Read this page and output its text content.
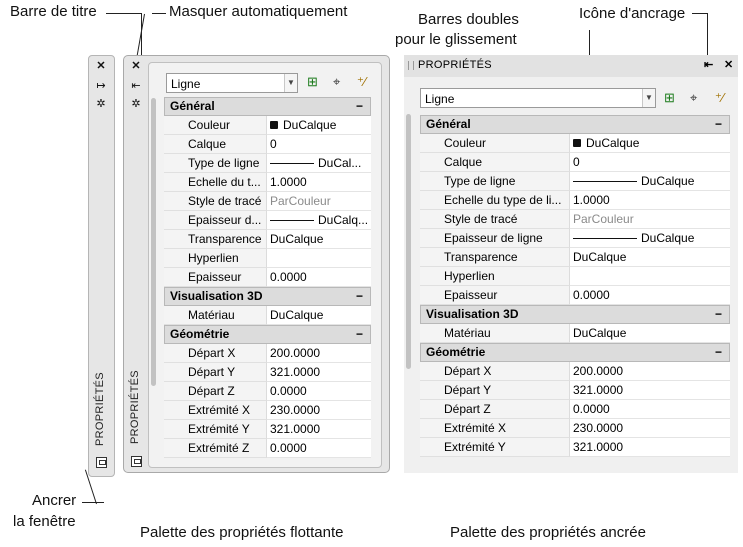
Barre de titre	Masquer automatiquement	Barres doubles
pour le glissement
Icône d'ancrage
Ancrer
la fenêtre
Palette des propriétés flottante	Palette des propriétés ancrée
✕
↦
✲
PROPRIÉTÉS
✕
⇤
✲
PROPRIÉTÉS
Ligne	▼ ⊞ ⌖ ⁺⁄
Général	−
Couleur	DuCalque
Calque	0
Type de ligne	DuCal...
Echelle du t... 1.0000
Style de tracé ParCouleur
Epaisseur d...	DuCalq...
Transparence DuCalque
Hyperlien
Epaisseur	0.0000
Visualisation 3D	−
Matériau	DuCalque
Géométrie	−
Départ X	200.0000
Départ Y	321.0000
Départ Z	0.0000
Extrémité X	230.0000
Extrémité Y	321.0000
Extrémité Z	0.0000
PROPRIÉTÉS	⇤ ✕
Ligne	▼ ⊞ ⌖ ⁺⁄
Général	−
Couleur	DuCalque
Calque	0
Type de ligne	DuCalque
Echelle du type de li... 1.0000
Style de tracé	ParCouleur
Epaisseur de ligne	DuCalque
Transparence	DuCalque
Hyperlien
Epaisseur	0.0000
Visualisation 3D	−
Matériau	DuCalque
Géométrie	−
Départ X	200.0000
Départ Y	321.0000
Départ Z	0.0000
Extrémité X	230.0000
Extrémité Y	321.0000
